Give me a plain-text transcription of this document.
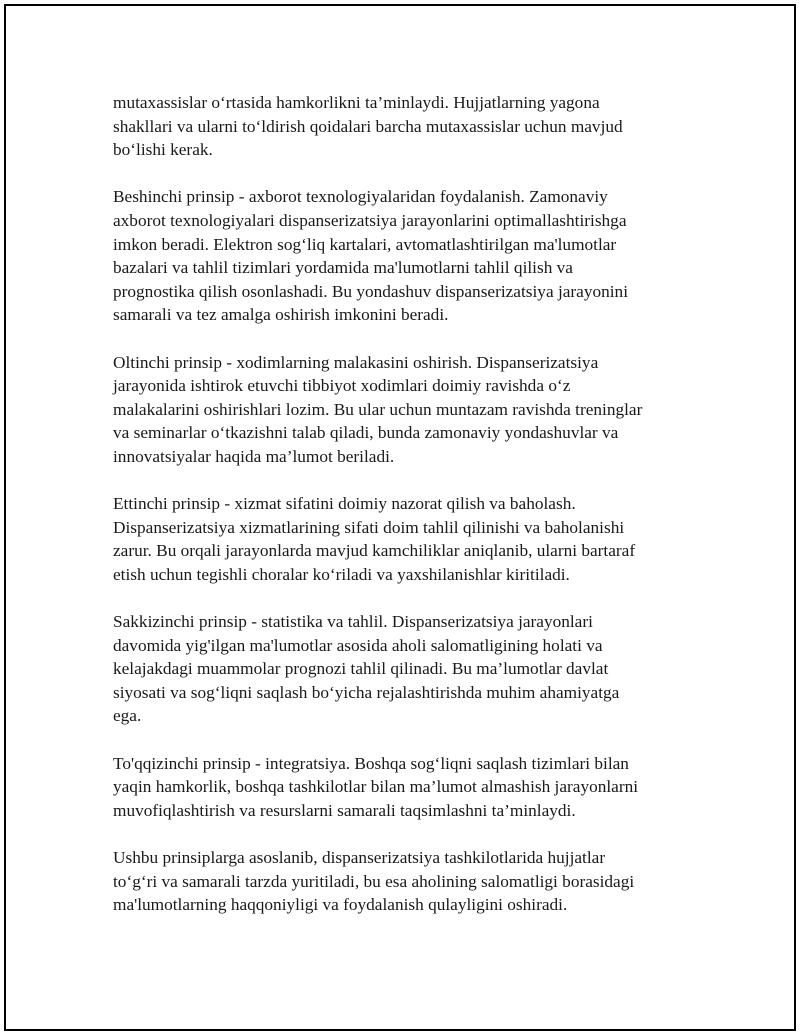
mutaxassislar o‘rtasida hamkorlikni ta’minlaydi. Hujjatlarning yagona
shakllari va ularni to‘ldirish qoidalari barcha mutaxassislar uchun mavjud
bo‘lishi kerak.

Beshinchi prinsip - axborot texnologiyalaridan foydalanish. Zamonaviy
axborot texnologiyalari dispanserizatsiya jarayonlarini optimallashtirishga
imkon beradi. Elektron sog‘liq kartalari, avtomatlashtirilgan ma'lumotlar
bazalari va tahlil tizimlari yordamida ma'lumotlarni tahlil qilish va
prognostika qilish osonlashadi. Bu yondashuv dispanserizatsiya jarayonini
samarali va tez amalga oshirish imkonini beradi.

Oltinchi prinsip - xodimlarning malakasini oshirish. Dispanserizatsiya
jarayonida ishtirok etuvchi tibbiyot xodimlari doimiy ravishda o‘z
malakalarini oshirishlari lozim. Bu ular uchun muntazam ravishda treninglar
va seminarlar o‘tkazishni talab qiladi, bunda zamonaviy yondashuvlar va
innovatsiyalar haqida ma’lumot beriladi.

Ettinchi prinsip - xizmat sifatini doimiy nazorat qilish va baholash.
Dispanserizatsiya xizmatlarining sifati doim tahlil qilinishi va baholanishi
zarur. Bu orqali jarayonlarda mavjud kamchiliklar aniqlanib, ularni bartaraf
etish uchun tegishli choralar ko‘riladi va yaxshilanishlar kiritiladi.

Sakkizinchi prinsip - statistika va tahlil. Dispanserizatsiya jarayonlari
davomida yig'ilgan ma'lumotlar asosida aholi salomatligining holati va
kelajakdagi muammolar prognozi tahlil qilinadi. Bu ma’lumotlar davlat
siyosati va sog‘liqni saqlash bo‘yicha rejalashtirishda muhim ahamiyatga
ega.

To'qqizinchi prinsip - integratsiya. Boshqa sog‘liqni saqlash tizimlari bilan
yaqin hamkorlik, boshqa tashkilotlar bilan ma’lumot almashish jarayonlarni
muvofiqlashtirish va resurslarni samarali taqsimlashni ta’minlaydi.

Ushbu prinsiplarga asoslanib, dispanserizatsiya tashkilotlarida hujjatlar
to‘g‘ri va samarali tarzda yuritiladi, bu esa aholining salomatligi borasidagi
ma'lumotlarning haqqoniyligi va foydalanish qulayligini oshiradi.
